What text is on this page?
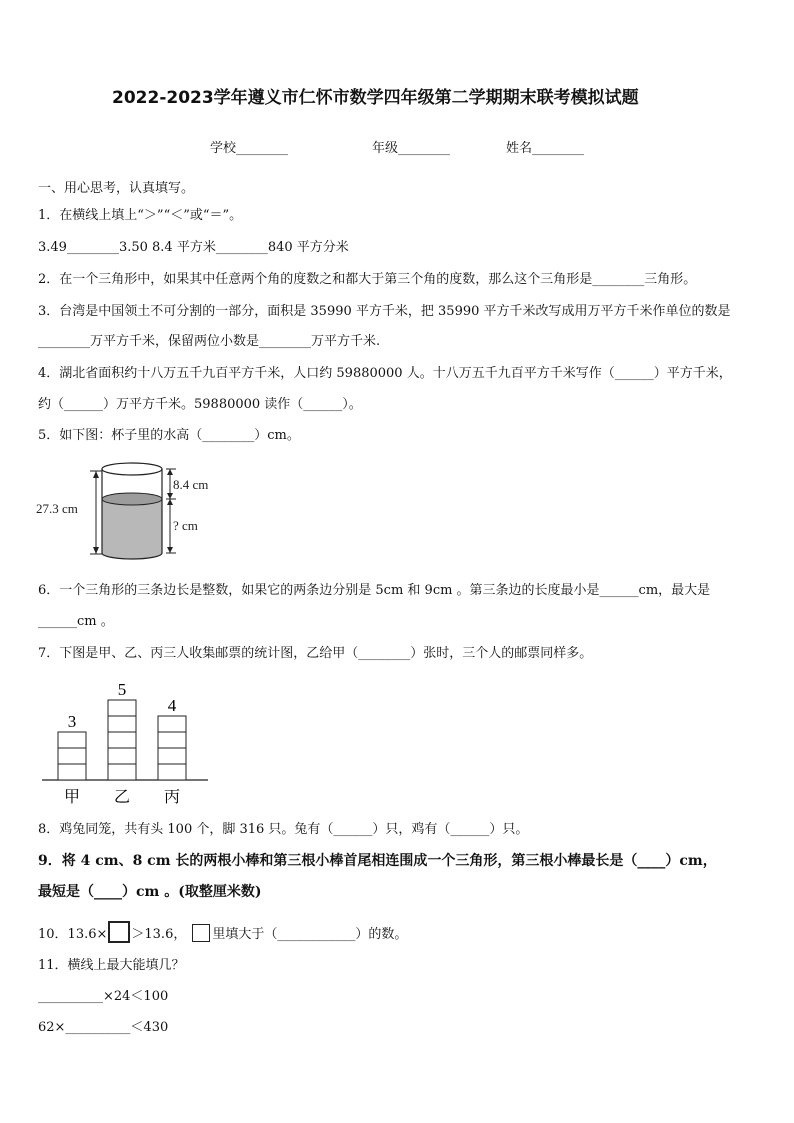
2022-2023学年遵义市仁怀市数学四年级第二学期期末联考模拟试题
学校________	年级________	姓名________
一、用心思考，认真填写。
1．在横线上填上“＞”“＜”或“＝”。
3.49________3.50 8.4 平方米________840 平方分米
2．在一个三角形中，如果其中任意两个角的度数之和都大于第三个角的度数，那么这个三角形是________三角形。
3．台湾是中国领土不可分割的一部分，面积是 35990 平方千米，把 35990 平方千米改写成用万平方千米作单位的数是
________万平方千米，保留两位小数是________万平方千米.
4．湖北省面积约十八万五千九百平方千米，人口约 59880000 人。十八万五千九百平方千米写作（______）平方千米，
约（______）万平方千米。59880000 读作（______）。
5．如下图：杯子里的水高（________）cm。
27.3 cm
8.4 cm
? cm
6．一个三角形的三条边长是整数，如果它的两条边分别是 5cm 和 9cm 。第三条边的长度最小是______cm，最大是
______cm 。
7．下图是甲、乙、丙三人收集邮票的统计图，乙给甲（________）张时，三个人的邮票同样多。
3
甲
5
乙
4
丙
8．鸡兔同笼，共有头 100 个，脚 316 只。兔有（______）只，鸡有（______）只。
9．将 4 cm、8 cm 长的两根小棒和第三根小棒首尾相连围成一个三角形，第三根小棒最长是（____）cm，
最短是（____）cm 。(取整厘米数)
10．13.6× ＞13.6， 里填大于（____________）的数。
11．横线上最大能填几？
__________×24＜100
62×__________＜430
